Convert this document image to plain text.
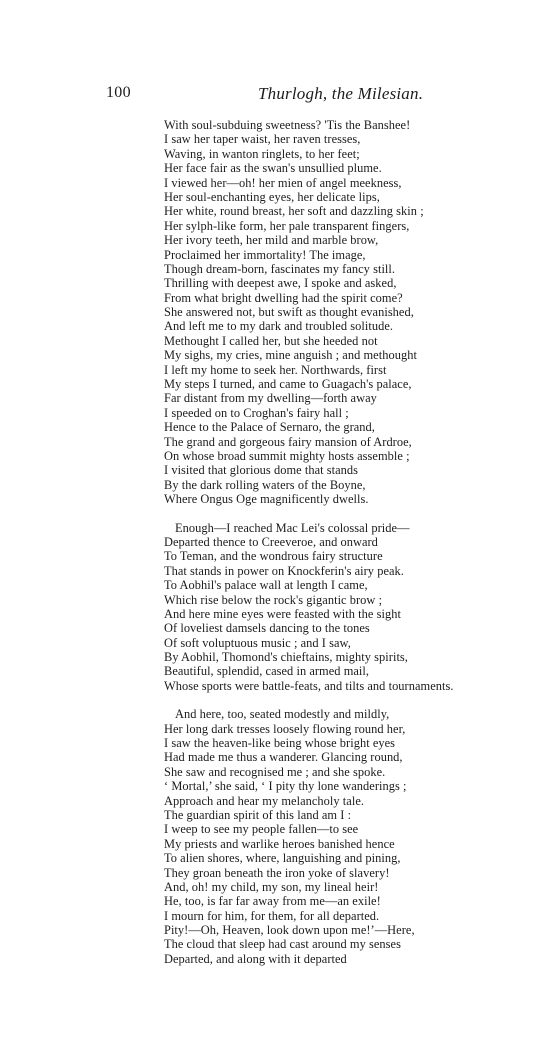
100	Thurlogh, the Milesian.
With soul-subduing sweetness? 'Tis the Banshee!
I saw her taper waist, her raven tresses,
Waving, in wanton ringlets, to her feet;
Her face fair as the swan's unsullied plume.
I viewed her—oh! her mien of angel meekness,
Her soul-enchanting eyes, her delicate lips,
Her white, round breast, her soft and dazzling skin ;
Her sylph-like form, her pale transparent fingers,
Her ivory teeth, her mild and marble brow,
Proclaimed her immortality! The image,
Though dream-born, fascinates my fancy still.
Thrilling with deepest awe, I spoke and asked,
From what bright dwelling had the spirit come?
She answered not, but swift as thought evanished,
And left me to my dark and troubled solitude.
Methought I called her, but she heeded not
My sighs, my cries, mine anguish ; and methought
I left my home to seek her. Northwards, first
My steps I turned, and came to Guagach's palace,
Far distant from my dwelling—forth away
I speeded on to Croghan's fairy hall ;
Hence to the Palace of Sernaro, the grand,
The grand and gorgeous fairy mansion of Ardroe,
On whose broad summit mighty hosts assemble ;
I visited that glorious dome that stands
By the dark rolling waters of the Boyne,
Where Ongus Oge magnificently dwells.
Enough—I reached Mac Lei's colossal pride—
Departed thence to Creeveroe, and onward
To Teman, and the wondrous fairy structure
That stands in power on Knockferin's airy peak.
To Aobhil's palace wall at length I came,
Which rise below the rock's gigantic brow ;
And here mine eyes were feasted with the sight
Of loveliest damsels dancing to the tones
Of soft voluptuous music ; and I saw,
By Aobhil, Thomond's chieftains, mighty spirits,
Beautiful, splendid, cased in armed mail,
Whose sports were battle-feats, and tilts and tournaments.
And here, too, seated modestly and mildly,
Her long dark tresses loosely flowing round her,
I saw the heaven-like being whose bright eyes
Had made me thus a wanderer. Glancing round,
She saw and recognised me ; and she spoke.
‘ Mortal,’ she said, ‘ I pity thy lone wanderings ;
Approach and hear my melancholy tale.
The guardian spirit of this land am I :
I weep to see my people fallen—to see
My priests and warlike heroes banished hence
To alien shores, where, languishing and pining,
They groan beneath the iron yoke of slavery!
And, oh! my child, my son, my lineal heir!
He, too, is far far away from me—an exile!
I mourn for him, for them, for all departed.
Pity!—Oh, Heaven, look down upon me!’—Here,
The cloud that sleep had cast around my senses
Departed, and along with it departed
